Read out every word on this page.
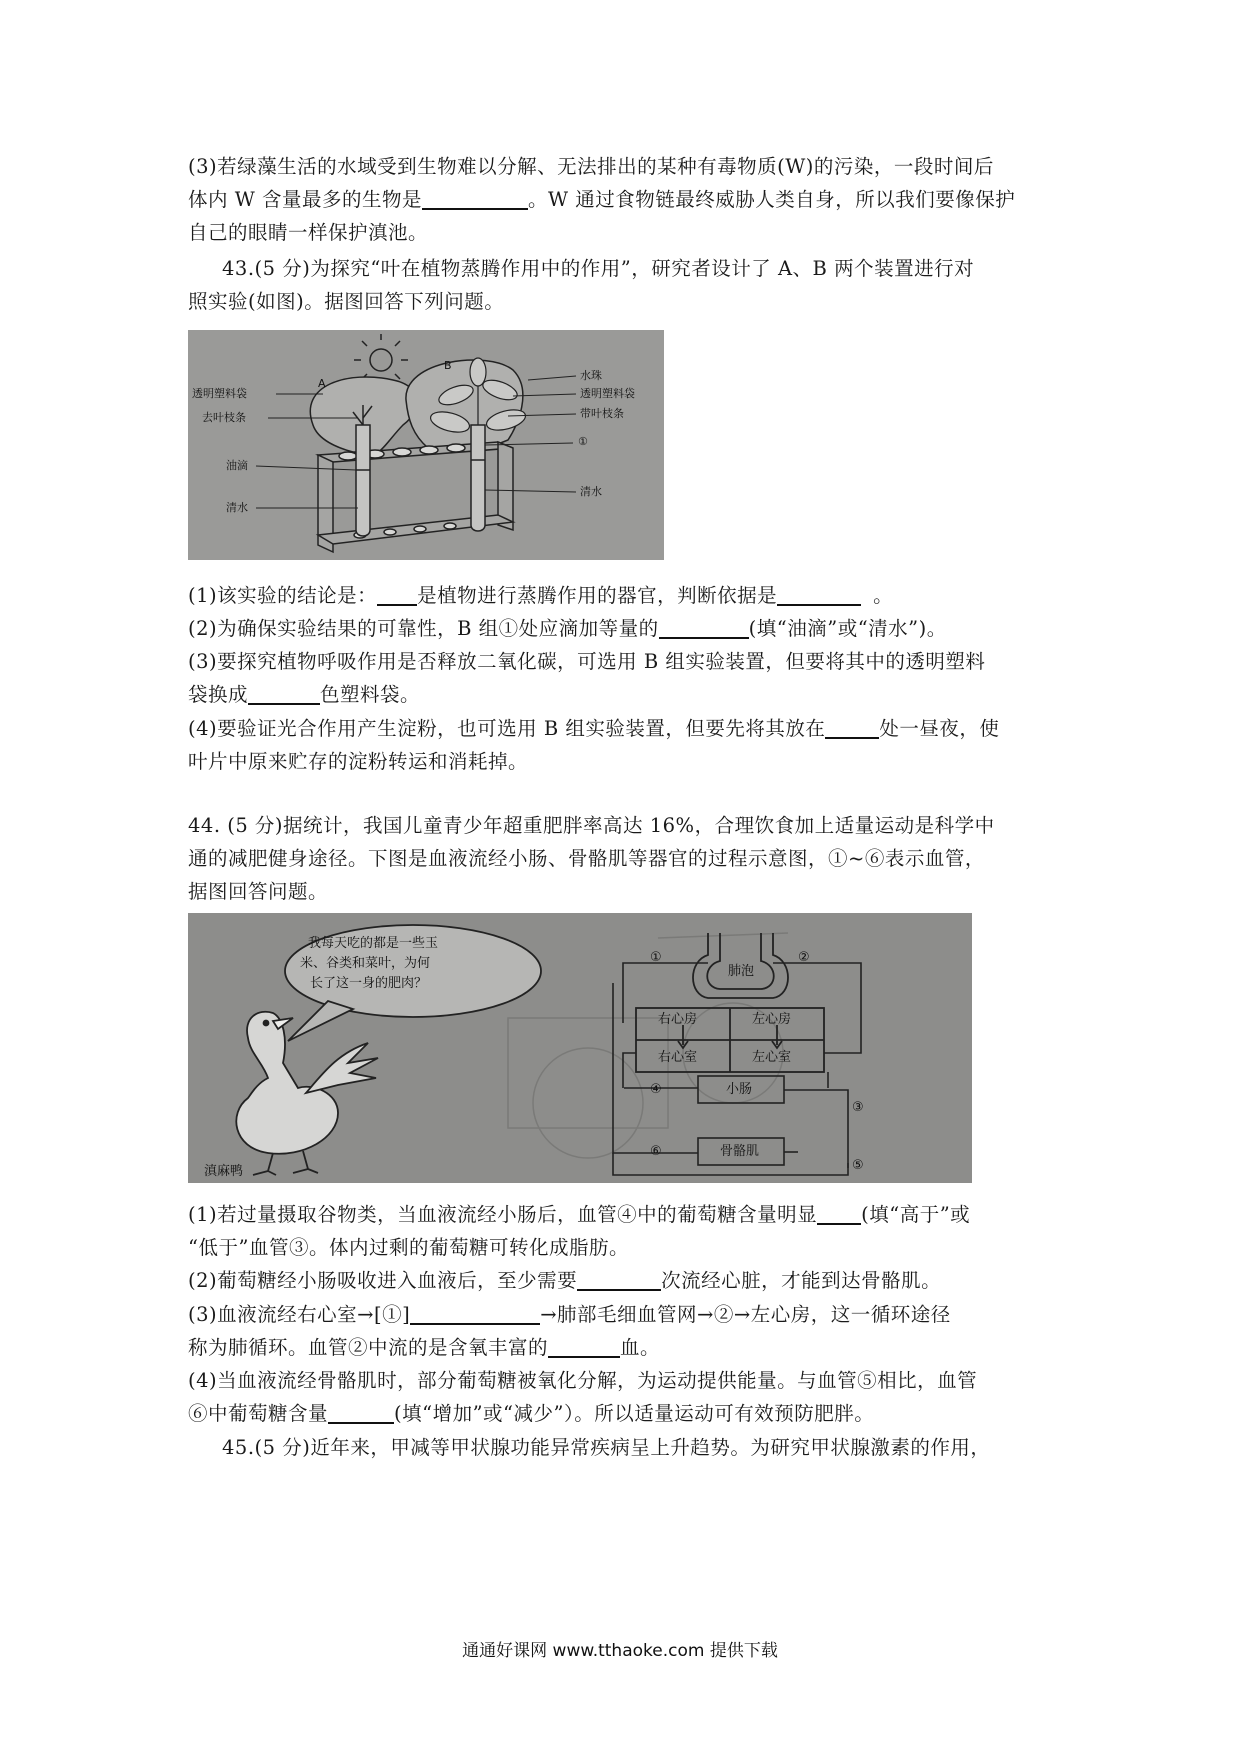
(3)若绿藻生活的水域受到生物难以分解、无法排出的某种有毒物质(W)的污染，一段时间后
体内 W 含量最多的生物是	。W 通过食物链最终威胁人类自身，所以我们要像保护
自己的眼睛一样保护滇池。
43.(5 分)为探究“叶在植物蒸腾作用中的作用”，研究者设计了 A、B 两个装置进行对
照实验(如图)。据图回答下列问题。
A
B
透明塑料袋
去叶枝条
油滴
清水
水珠
透明塑料袋
带叶枝条
①
清水
(1)该实验的结论是： 是植物进行蒸腾作用的器官，判断依据是	。
(2)为确保实验结果的可靠性，B 组①处应滴加等量的	(填“油滴”或“清水”)。
(3)要探究植物呼吸作用是否释放二氧化碳，可选用 B 组实验装置，但要将其中的透明塑料
袋换成	色塑料袋。
(4)要验证光合作用产生淀粉，也可选用 B 组实验装置，但要先将其放在	处一昼夜，使
叶片中原来贮存的淀粉转运和消耗掉。
44. (5 分)据统计，我国儿童青少年超重肥胖率高达 16%，合理饮食加上适量运动是科学中
通的减肥健身途径。下图是血液流经小肠、骨骼肌等器官的过程示意图，①~⑥表示血管，
据图回答问题。
我每天吃的都是一些玉
米、谷类和菜叶，为何
长了这一身的肥肉？
滇麻鸭
肺泡
右心房
右心室
左心房
左心室
小肠
骨骼肌
①	②
③
④
⑤
⑥
(1)若过量摄取谷物类，当血液流经小肠后，血管④中的葡萄糖含量明显 (填“高于”或
“低于”血管③。体内过剩的葡萄糖可转化成脂肪。
(2)葡萄糖经小肠吸收进入血液后，至少需要	次流经心脏，才能到达骨骼肌。
(3)血液流经右心室→[①]	→肺部毛细血管网→②→左心房，这一循环途径
称为肺循环。血管②中流的是含氧丰富的	血。
(4)当血液流经骨骼肌时，部分葡萄糖被氧化分解，为运动提供能量。与血管⑤相比，血管
⑥中葡萄糖含量	(填“增加”或“减少”）。所以适量运动可有效预防肥胖。
45.(5 分)近年来，甲减等甲状腺功能异常疾病呈上升趋势。为研究甲状腺激素的作用，
通通好课网 www.tthaoke.com 提供下载
